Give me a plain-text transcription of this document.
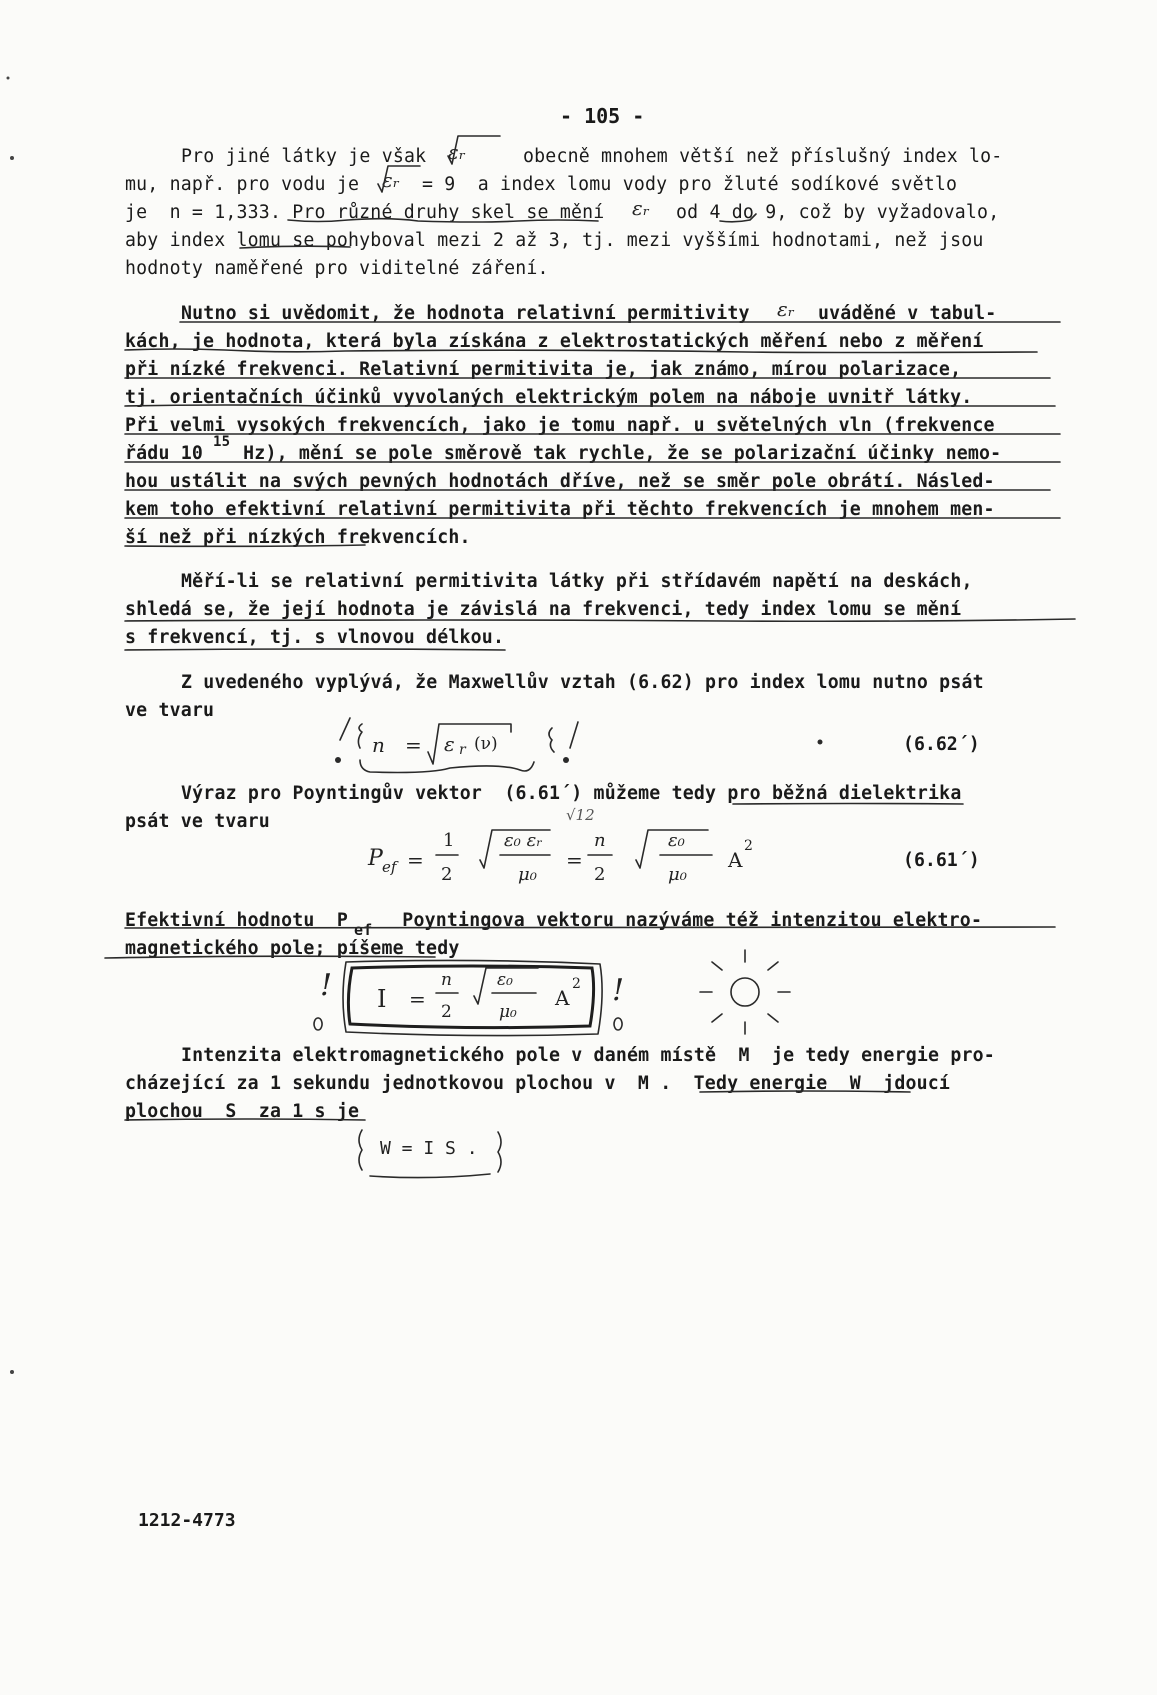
- 105 -
Pro jiné látky je však εᵣ	obecně mnohem větší než příslušný index lo-
mu, např. pro vodu je εᵣ = 9  a index lomu vody pro žluté sodíkové světlo
je  n = 1,333. Pro různé druhy skel se mění εᵣ od 4 do 9, což by vyžadovalo,
aby index lomu se pohyboval mezi 2 až 3, tj. mezi vyššími hodnotami, než jsou
hodnoty naměřené pro viditelné záření.
Nutno si uvědomit, že hodnota relativní permitivity εᵣ uváděné v tabul-
kách, je hodnota, která byla získána z elektrostatických měření nebo z měření
při nízké frekvenci. Relativní permitivita je, jak známo, mírou polarizace,
tj. orientačních účinků vyvolaných elektrickým polem na náboje uvnitř látky.
Při velmi vysokých frekvencích, jako je tomu např. u světelných vln (frekvence
řádu 10
15
Hz), mění se pole směrově tak rychle, že se polarizační účinky nemo-
hou ustálit na svých pevných hodnotách dříve, než se směr pole obrátí. Násled-
kem toho efektivní relativní permitivita při těchto frekvencích je mnohem men-
ší než při nízkých frekvencích.
Měří-li se relativní permitivita látky při střídavém napětí na deskách,
shledá se, že její hodnota je závislá na frekvenci, tedy index lomu se mění
s frekvencí, tj. s vlnovou délkou.
Z uvedeného vyplývá, že Maxwellův vztah (6.62) pro index lomu nutno psát
ve tvaru
n = ε r (ν)	(6.62´)
Výraz pro Poyntingův vektor  (6.61´) můžeme tedy pro běžná dielektrika
psát ve tvaru
P ef =
1
2
ε₀ εᵣ
μ₀
=
n
2
ε₀
μ₀
A
2
(6.61´)
√12
Efektivní hodnotu  P ef Poyntingova vektoru nazýváme též intenzitou elektro-
magnetického pole; píšeme tedy
! I =
n
2
ε₀
μ₀
A
2 !
Intenzita elektromagnetického pole v daném místě  M  je tedy energie pro-
cházející za 1 sekundu jednotkovou plochou v  M .  Tedy energie  W  jdoucí
plochou  S  za 1 s je
W = I S .
1212-4773
